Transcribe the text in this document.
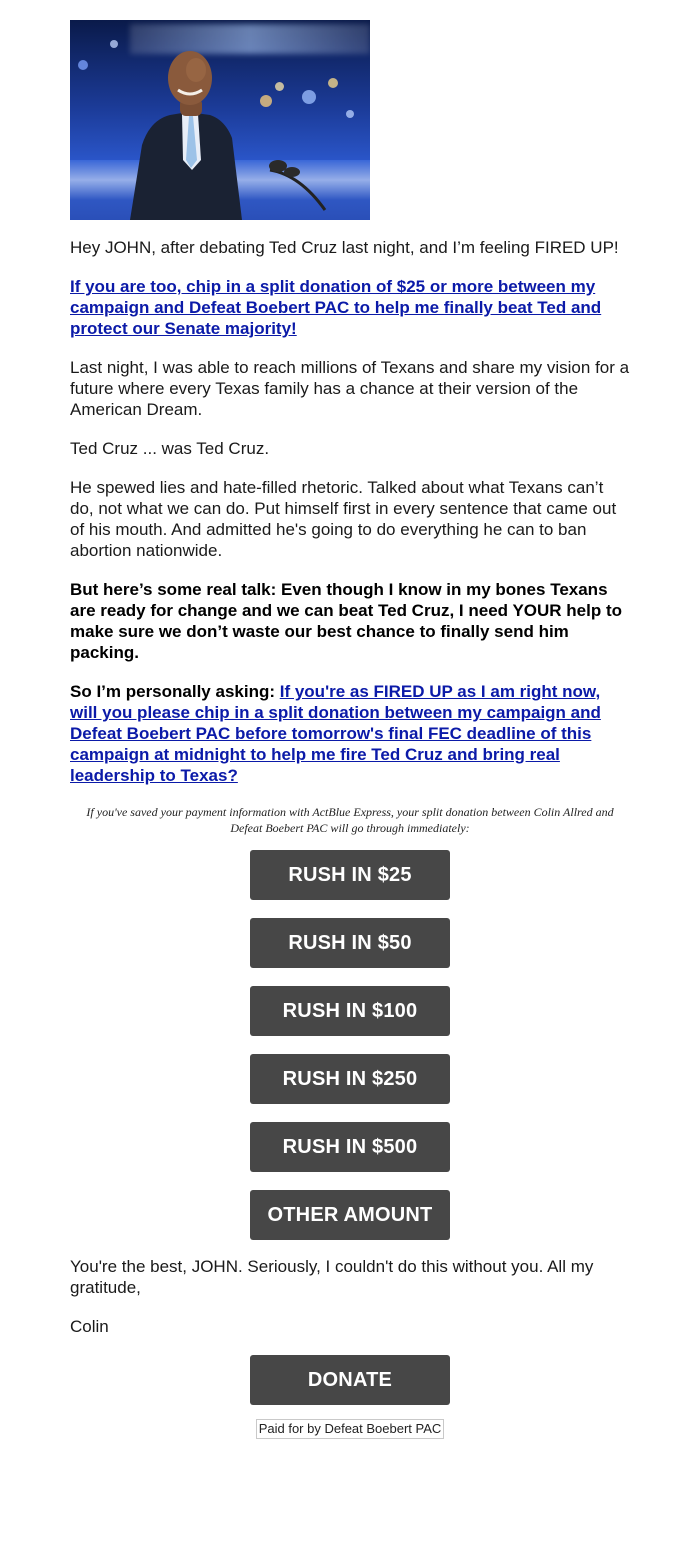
Hey JOHN, after debating Ted Cruz last night, and I’m feeling FIRED UP!

If you are too, chip in a split donation of $25 or more between my campaign and Defeat Boebert PAC to help me finally beat Ted and protect our Senate majority!

Last night, I was able to reach millions of Texans and share my vision for a future where every Texas family has a chance at their version of the American Dream.

Ted Cruz ... was Ted Cruz.

He spewed lies and hate-filled rhetoric. Talked about what Texans can’t do, not what we can do. Put himself first in every sentence that came out of his mouth. And admitted he's going to do everything he can to ban abortion nationwide.

But here’s some real talk: Even though I know in my bones Texans are ready for change and we can beat Ted Cruz, I need YOUR help to make sure we don’t waste our best chance to finally send him packing.

So I’m personally asking: If you're as FIRED UP as I am right now, will you please chip in a split donation between my campaign and Defeat Boebert PAC before tomorrow's final FEC deadline of this campaign at midnight to help me fire Ted Cruz and bring real leadership to Texas?

If you've saved your payment information with ActBlue Express, your split donation between Colin Allred and Defeat Boebert PAC will go through immediately:
RUSH IN $25
RUSH IN $50
RUSH IN $100
RUSH IN $250
RUSH IN $500
OTHER AMOUNT

You're the best, JOHN. Seriously, I couldn't do this without you. All my gratitude,

Colin

DONATE
Paid for by Defeat Boebert PAC
